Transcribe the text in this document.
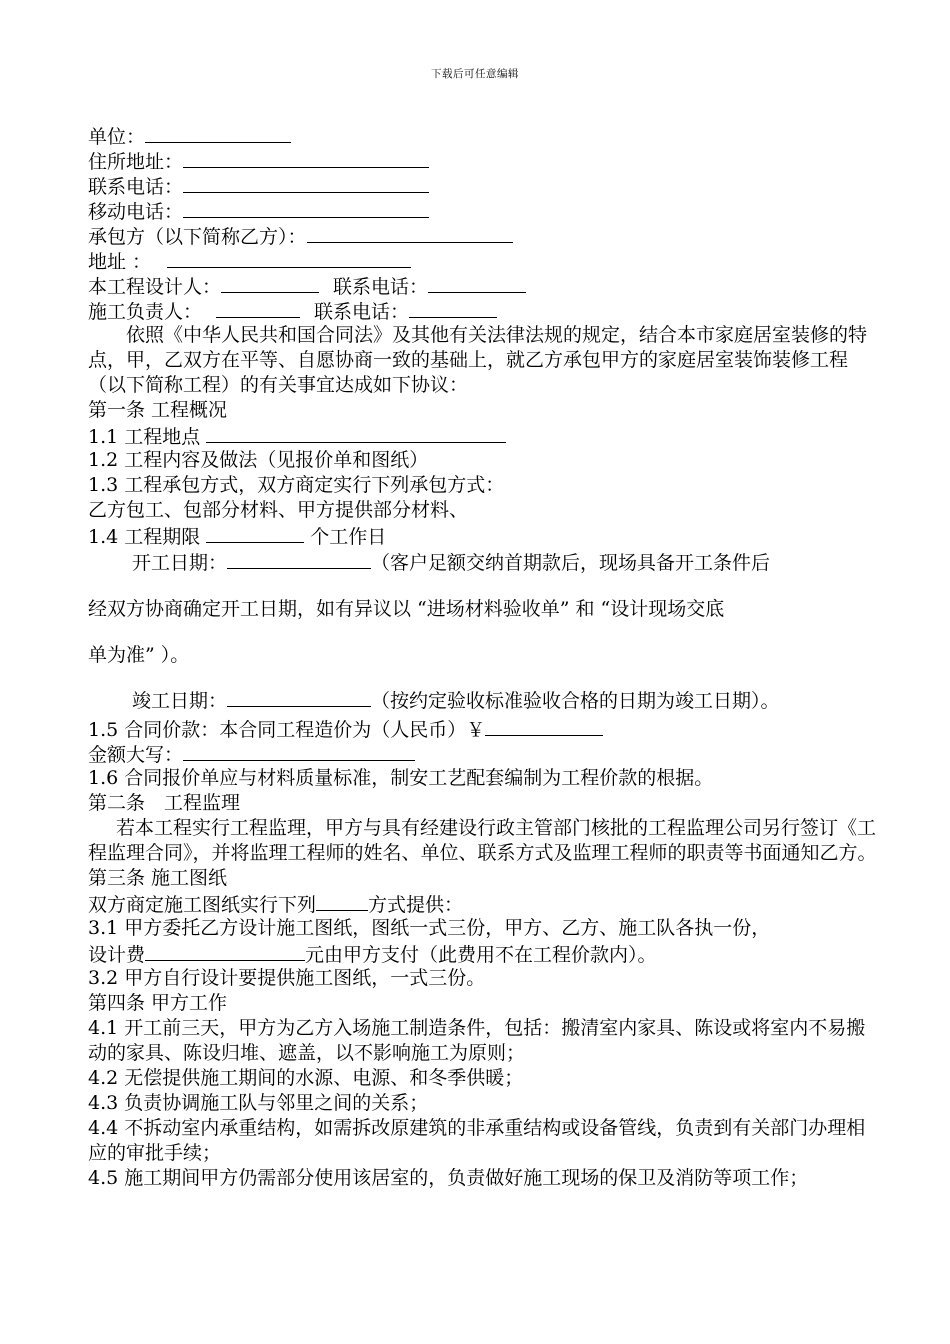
下载后可任意编辑
单位：
住所地址：
联系电话：
移动电话：
承包方（以下简称乙方）：
地址 ：
本工程设计人：	联系电话：
施工负责人：	联系电话：
依照《中华人民共和国合同法》及其他有关法律法规的规定，结合本市家庭居室装修的特点，甲，乙双方在平等、自愿协商一致的基础上，就乙方承包甲方的家庭居室装饰装修工程（以下简称工程）的有关事宜达成如下协议：
第一条 工程概况
1.1 工程地点
1.2 工程内容及做法（见报价单和图纸）
1.3 工程承包方式，双方商定实行下列承包方式：
乙方包工、包部分材料、甲方提供部分材料、
1.4 工程期限	个工作日
开工日期：	（客户足额交纳首期款后，现场具备开工条件后
经双方协商确定开工日期，如有异议以 “进场材料验收单” 和 “设计现场交底
单为准” ）。
竣工日期：	（按约定验收标准验收合格的日期为竣工日期）。
1.5 合同价款：本合同工程造价为（人民币）￥
金额大写：
1.6 合同报价单应与材料质量标准，制安工艺配套编制为工程价款的根据。
第二条　工程监理
若本工程实行工程监理，甲方与具有经建设行政主管部门核批的工程监理公司另行签订《工程监理合同》，并将监理工程师的姓名、单位、联系方式及监理工程师的职责等书面通知乙方。
第三条 施工图纸
双方商定施工图纸实行下列	方式提供：
3.1 甲方委托乙方设计施工图纸，图纸一式三份，甲方、乙方、施工队各执一份，
设计费	元由甲方支付（此费用不在工程价款内）。
3.2 甲方自行设计要提供施工图纸，一式三份。
第四条 甲方工作
4.1 开工前三天，甲方为乙方入场施工制造条件，包括：搬清室内家具、陈设或将室内不易搬动的家具、陈设归堆、遮盖，以不影响施工为原则；
4.2 无偿提供施工期间的水源、电源、和冬季供暖；
4.3 负责协调施工队与邻里之间的关系；
4.4 不拆动室内承重结构，如需拆改原建筑的非承重结构或设备管线，负责到有关部门办理相应的审批手续；
4.5 施工期间甲方仍需部分使用该居室的，负责做好施工现场的保卫及消防等项工作；
